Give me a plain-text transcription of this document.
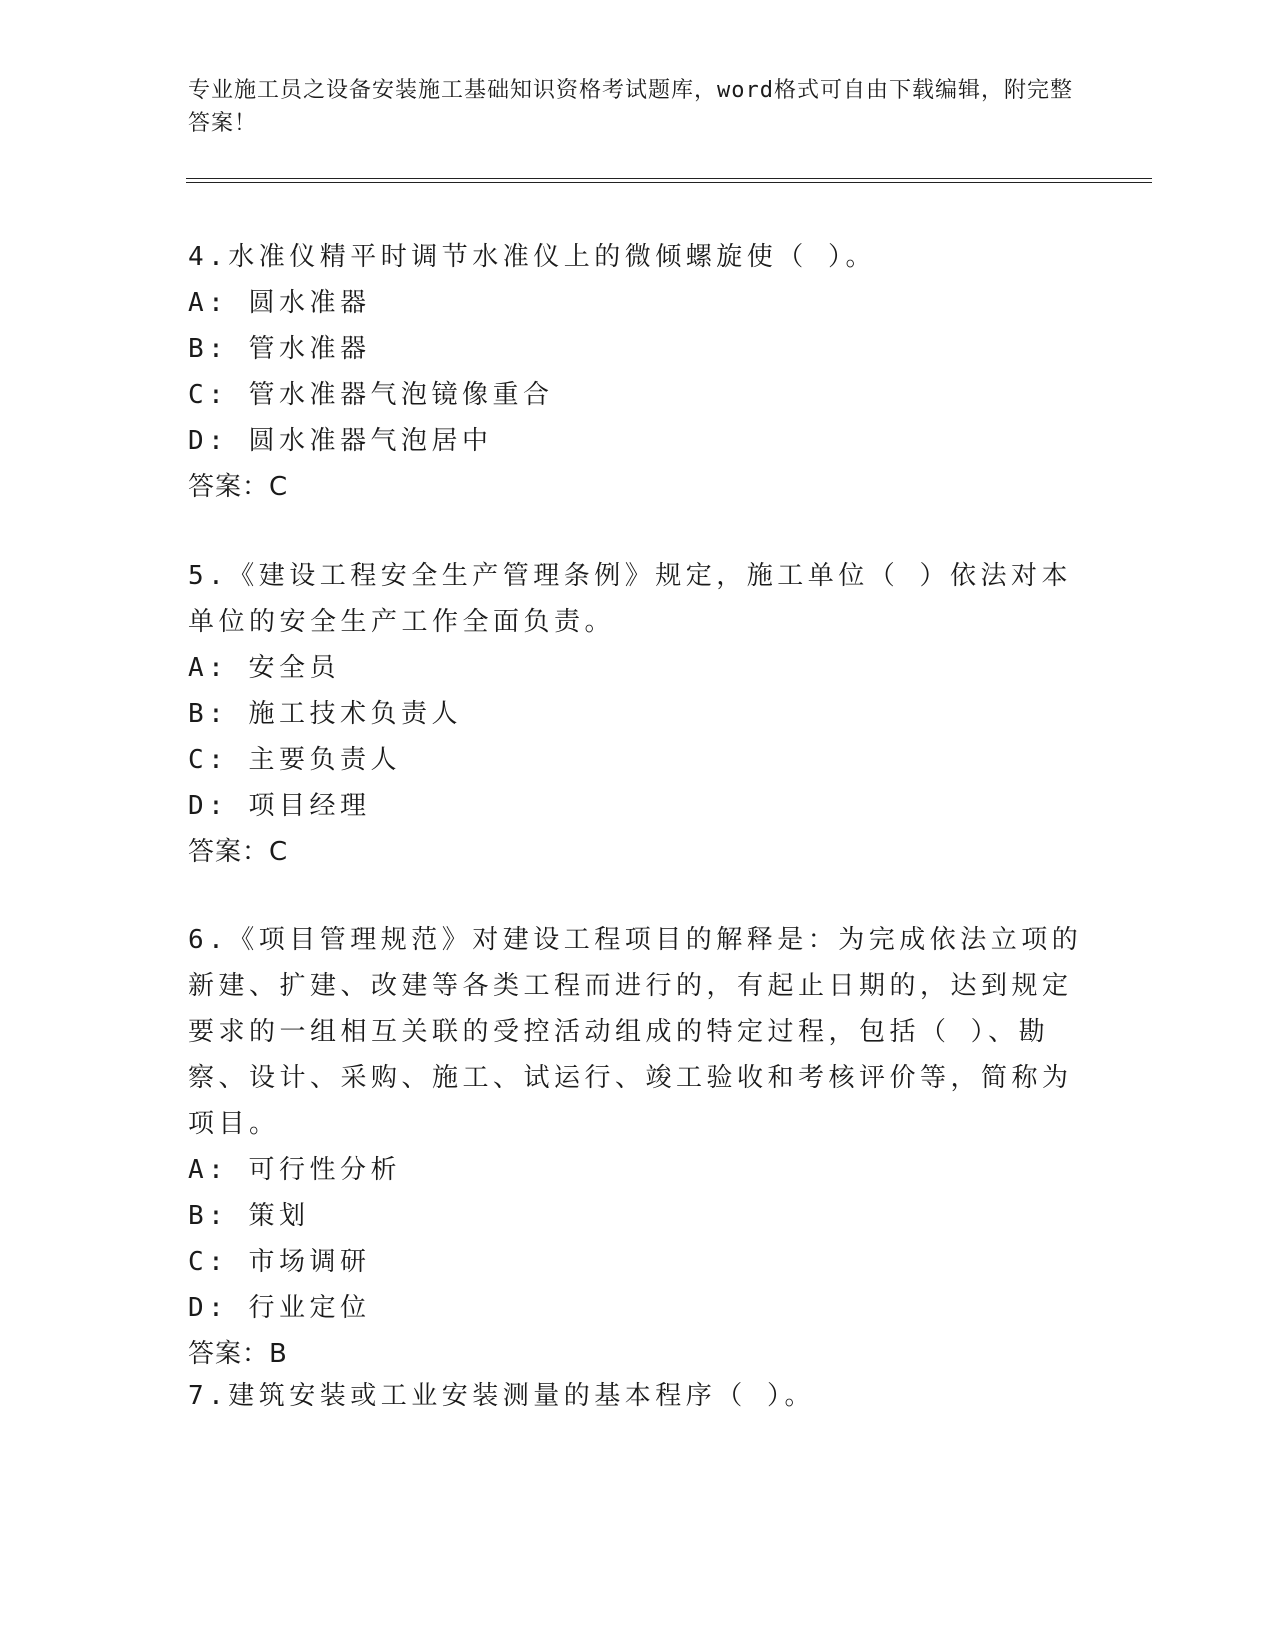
专业施工员之设备安装施工基础知识资格考试题库，word格式可自由下载编辑，附完整答案！
4.水准仪精平时调节水准仪上的微倾螺旋使（ ）。
A: 圆水准器
B: 管水准器
C: 管水准器气泡镜像重合
D: 圆水准器气泡居中
答案：C
5.《建设工程安全生产管理条例》规定，施工单位（ ）依法对本单位的安全生产工作全面负责。
A: 安全员
B: 施工技术负责人
C: 主要负责人
D: 项目经理
答案：C
6.《项目管理规范》对建设工程项目的解释是：为完成依法立项的新建、扩建、改建等各类工程而进行的，有起止日期的，达到规定要求的一组相互关联的受控活动组成的特定过程，包括（ ）、勘察、设计、采购、施工、试运行、竣工验收和考核评价等，简称为项目。
A: 可行性分析
B: 策划
C: 市场调研
D: 行业定位
答案：B
7.建筑安装或工业安装测量的基本程序（ ）。
